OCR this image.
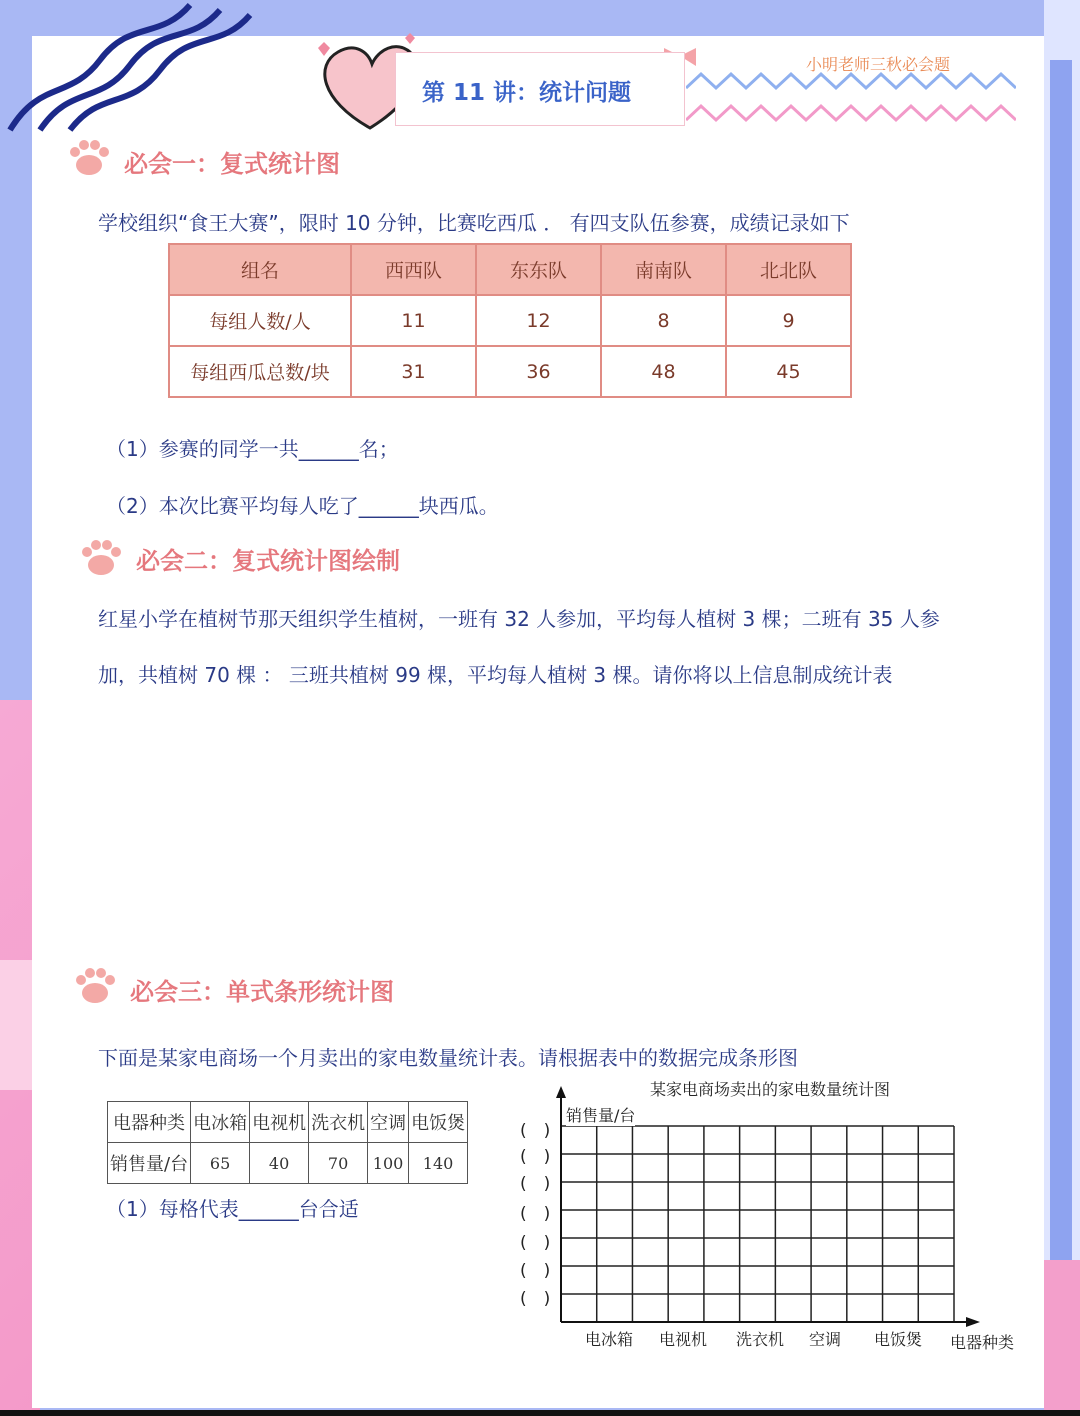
第 11 讲：统计问题
小明老师三秋必会题
必会一：复式统计图
学校组织“食王大赛”，限时 10 分钟，比赛吃西瓜 ． 有四支队伍参赛，成绩记录如下
组名	西西队	东东队	南南队	北北队
每组人数/人	11	12	8	9
每组西瓜总数/块	31	36	48	45
（1）参赛的同学一共______名；
（2）本次比赛平均每人吃了______块西瓜。
必会二：复式统计图绘制
红星小学在植树节那天组织学生植树，一班有 32 人参加，平均每人植树 3 棵；二班有 35 人参
加，共植树 70 棵 ： 三班共植树 99 棵，平均每人植树 3 棵。请你将以上信息制成统计表
必会三：单式条形统计图
下面是某家电商场一个月卖出的家电数量统计表。请根据表中的数据完成条形图
电器种类	电冰箱	电视机	洗衣机	空调	电饭煲
销售量/台	65	40	70	100	140
（1）每格代表______台合适
某家电商场卖出的家电数量统计图
销售量/台
(　)
(　)
(　)
(　)
(　)
(　)
(　)
电冰箱 电视机 洗衣机 空调 电饭煲 电器种类
